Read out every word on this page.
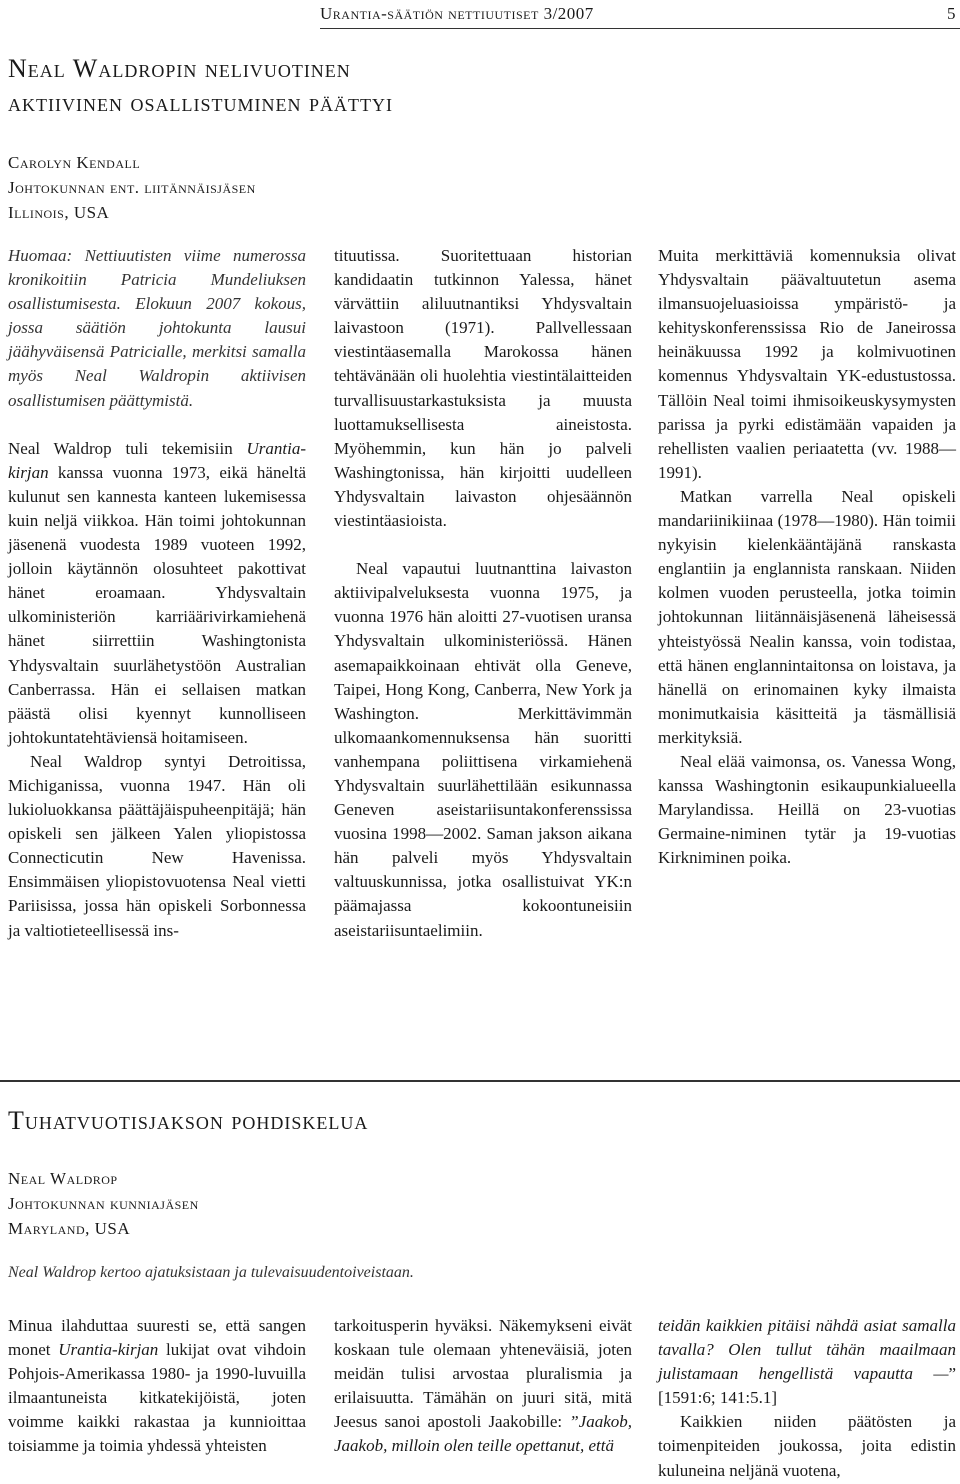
Urantia-säätiön nettiuutiset 3/2007	5
Neal Waldropin nelivuotinen
aktiivinen osallistuminen päättyi
Carolyn Kendall
Johtokunnan ent. liitännäisjäsen
Illinois, USA

Huomaa: Nettiuutisten viime numerossa kronikoitiin Patricia Mundeliuksen osallistumisesta. Elokuun 2007 kokous, jossa säätiön johtokunta lausui jäähyväisensä Patricialle, merkitsi samalla myös Neal Waldropin aktiivisen osallistumisen päättymistä.

Neal Waldrop tuli tekemisiin Urantia-kirjan kanssa vuonna 1973, eikä häneltä kulunut sen kannesta kanteen lukemisessa kuin neljä viikkoa. Hän toimi johtokunnan jäsenenä vuodesta 1989 vuoteen 1992, jolloin käytännön olosuhteet pakottivat hänet eroamaan. Yhdysvaltain ulkoministeriön karriäärivirkamiehenä hänet siirrettiin Washingtonista Yhdysvaltain suurlähetystöön Australian Canberrassa. Hän ei sellaisen matkan päästä olisi kyennyt kunnolliseen johtokuntatehtäviensä hoitamiseen.

Neal Waldrop syntyi Detroitissa, Michiganissa, vuonna 1947. Hän oli lukioluokkansa päättäjäispuheenpitäjä; hän opiskeli sen jälkeen Yalen yliopistossa Connecticutin New Havenissa. Ensimmäisen yliopistovuotensa Neal vietti Pariisissa, jossa hän opiskeli Sorbonnessa ja valtiotieteellisessä ins-

tituutissa. Suoritettuaan historian kandidaatin tutkinnon Yalessa, hänet värvättiin aliluutnantiksi Yhdysvaltain laivastoon (1971). Pallvellessaan viestintäasemalla Marokossa hänen tehtävänään oli huolehtia viestintälaitteiden turvallisuustarkastuksista ja muusta luottamuksellisesta aineistosta. Myöhemmin, kun hän jo palveli Washingtonissa, hän kirjoitti uudelleen Yhdysvaltain laivaston ohjesäännön viestintäasioista.

Neal vapautui luutnanttina laivaston aktiivipalveluksesta vuonna 1975, ja vuonna 1976 hän aloitti 27-vuotisen uransa Yhdysvaltain ulkoministeriössä. Hänen asemapaikkoinaan ehtivät olla Geneve, Taipei, Hong Kong, Canberra, New York ja Washington. Merkittävimmän ulkomaankomennuksensa hän suoritti vanhempana poliittisena virkamiehenä Yhdysvaltain suurlähettilään esikunnassa Geneven aseistariisuntakonferenssissa vuosina 1998—2002. Saman jakson aikana hän palveli myös Yhdysvaltain valtuuskunnissa, jotka osallistuivat YK:n päämajassa kokoontuneisiin aseistariisuntaelimiin.

Muita merkittäviä komennuksia olivat Yhdysvaltain päävaltuutetun asema ilmansuojeluasioissa ympäristö- ja kehityskonferenssissa Rio de Janeirossa heinäkuussa 1992 ja kolmivuotinen komennus Yhdysvaltain YK-edustustossa. Tällöin Neal toimi ihmisoikeuskysymysten parissa ja pyrki edistämään vapaiden ja rehellisten vaalien periaatetta (vv. 1988—1991).

Matkan varrella Neal opiskeli mandariinikiinaa (1978—1980). Hän toimii nykyisin kielenkääntäjänä ranskasta englantiin ja englannista ranskaan. Niiden kolmen vuoden perusteella, jotka toimin johtokunnan liitännäisjäsenenä läheisessä yhteistyössä Nealin kanssa, voin todistaa, että hänen englannintaitonsa on loistava, ja hänellä on erinomainen kyky ilmaista monimutkaisia käsitteitä ja täsmällisiä merkityksiä.

Neal elää vaimonsa, os. Vanessa Wong, kanssa Washingtonin esikaupunkialueella Marylandissa. Heillä on 23-vuotias Germaine-niminen tytär ja 19-vuotias Kirkniminen poika.

Tuhatvuotisjakson pohdiskelua
Neal Waldrop
Johtokunnan kunniajäsen
Maryland, USA
Neal Waldrop kertoo ajatuksistaan ja tulevaisuudentoiveistaan.

Minua ilahduttaa suuresti se, että sangen monet Urantia-kirjan lukijat ovat vihdoin Pohjois-Amerikassa 1980- ja 1990-luvuilla ilmaantuneista kitkatekijöistä, joten voimme kaikki rakastaa ja kunnioittaa toisiamme ja toimia yhdessä yhteisten

tarkoitusperin hyväksi. Näkemykseni eivät koskaan tule olemaan yhteneväisiä, joten meidän tulisi arvostaa pluralismia ja erilaisuutta. Tämähän on juuri sitä, mitä Jeesus sanoi apostoli Jaakobille: ”Jaakob, Jaakob, milloin olen teille opettanut, että

teidän kaikkien pitäisi nähdä asiat samalla tavalla? Olen tullut tähän maailmaan julistamaan hengellistä vapautta —” [1591:6; 141:5.1]

Kaikkien niiden päätösten ja toimenpiteiden joukossa, joita edistin kuluneina neljänä vuotena,
